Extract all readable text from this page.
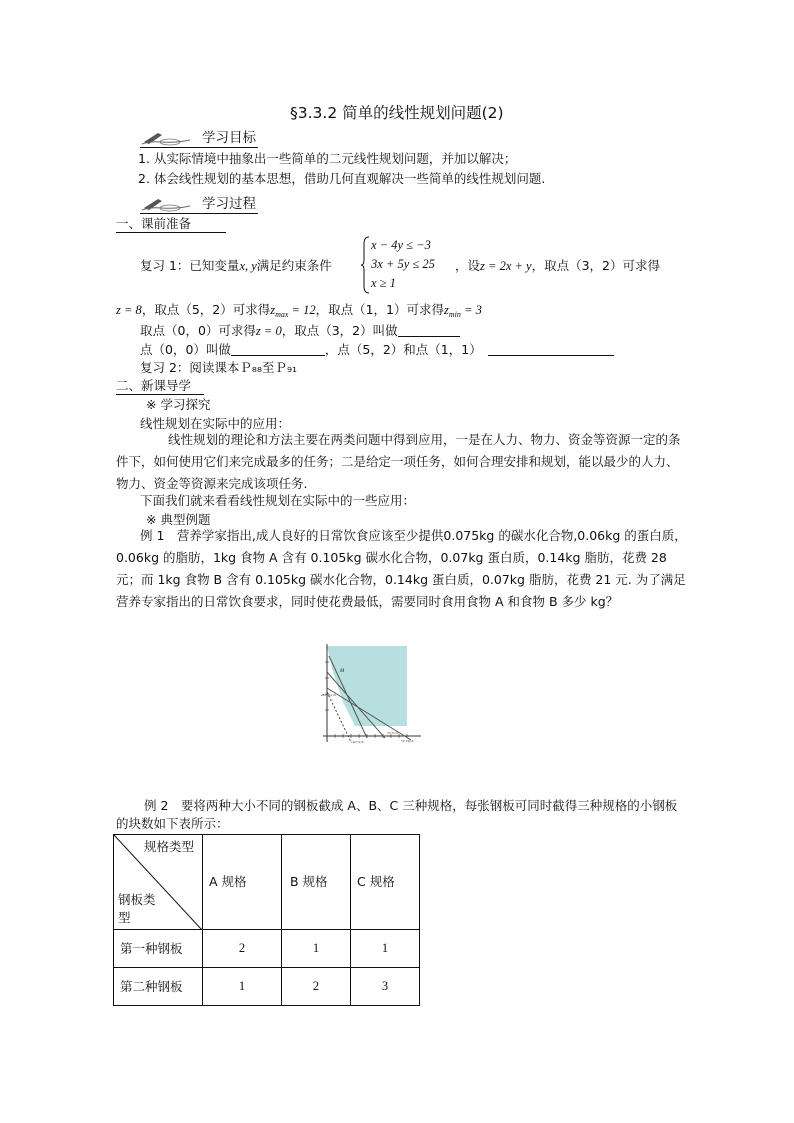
§3.3.2 简单的线性规划问题(2)
学习目标
1. 从实际情境中抽象出一些简单的二元线性规划问题，并加以解决；
2. 体会线性规划的基本思想，借助几何直观解决一些简单的线性规划问题.
学习过程
一、课前准备
复习 1：已知变量x, y满足约束条件
x − 4y ≤ −3
3x + 5y ≤ 25
x ≥ 1
，设z = 2x + y，取点（3，2）可求得
z = 8，取点（5，2）可求得$z_{max} = 12$，取点（1，1）可求得$z_{min} = 3$
取点（0，0）可求得z = 0，取点（3，2）叫做
点（0，0）叫做	，点（5，2）和点（1，1）
复习 2：阅读课本Ｐ₈₈至Ｐ₉₁
二、新课导学
※ 学习探究
线性规划在实际中的应用：
线性规划的理论和方法主要在两类问题中得到应用，一是在人力、物力、资金等资源一定的条件下，如何使用它们来完成最多的任务；二是给定一项任务，如何合理安排和规划，能以最少的人力、物力、资金等资源来完成该项任务.
下面我们就来看看线性规划在实际中的一些应用：
※ 典型例题
例 1　营养学家指出,成人良好的日常饮食应该至少提供0.075kg 的碳水化合物,0.06kg 的蛋白质，0.06kg 的脂肪，1kg 食物 A 含有 0.105kg 碳水化合物，0.07kg 蛋白质，0.14kg 脂肪，花费 28 元；而 1kg 食物 B 含有 0.105kg 碳水化合物，0.14kg 蛋白质，0.07kg 脂肪，花费 21 元. 为了满足营养专家指出的日常饮食要求，同时使花费最低，需要同时食用食物 A 和食物 B 多少 kg？
M
28x+21y=0
14x+7y=6
7x+7y=5
7x+14y=6
例 2　要将两种大小不同的钢板截成 A、B、C 三种规格，每张钢板可同时截得三种规格的小钢板的块数如下表所示：
规格类型
钢板类型	A 规格	B 规格	C 规格
第一种钢板	2	1	1
第二种钢板	1	2	3
